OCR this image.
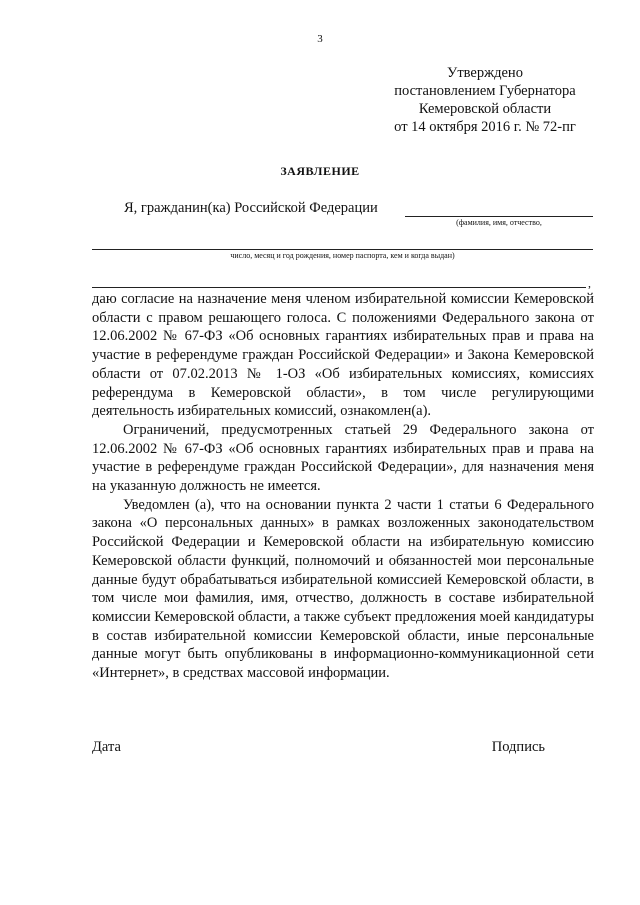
3
Утверждено
постановлением Губернатора
Кемеровской области
от 14 октября 2016 г. № 72-пг
ЗАЯВЛЕНИЕ
Я, гражданин(ка) Российской Федерации
(фамилия, имя, отчество,
число, месяц и год рождения, номер паспорта, кем и когда выдан)
,

даю согласие на назначение меня членом избирательной комиссии Кемеровской области с правом решающего голоса. С положениями Федерального закона от 12.06.2002 № 67-ФЗ «Об основных гарантиях избирательных прав и права на участие в референдуме граждан Российской Федерации» и Закона Кемеровской области от 07.02.2013 № 1-ОЗ «Об избирательных комиссиях, комиссиях референдума в Кемеровской области», в том числе регулирующими деятельность избирательных комиссий, ознакомлен(а).

Ограничений, предусмотренных статьей 29 Федерального закона от 12.06.2002 № 67-ФЗ «Об основных гарантиях избирательных прав и права на участие в референдуме граждан Российской Федерации», для назначения меня на указанную должность не имеется.

Уведомлен (а), что на основании пункта 2 части 1 статьи 6 Федерального закона «О персональных данных» в рамках возложенных законодательством Российской Федерации и Кемеровской области на избирательную комиссию Кемеровской области функций, полномочий и обязанностей мои персональные данные будут обрабатываться избирательной комиссией Кемеровской области, в том числе мои фамилия, имя, отчество, должность в составе избирательной комиссии Кемеровской области, а также субъект предложения моей кандидатуры в состав избирательной комиссии Кемеровской области, иные персональные данные могут быть опубликованы в информационно-коммуникационной сети «Интернет», в средствах массовой информации.

Дата	Подпись
